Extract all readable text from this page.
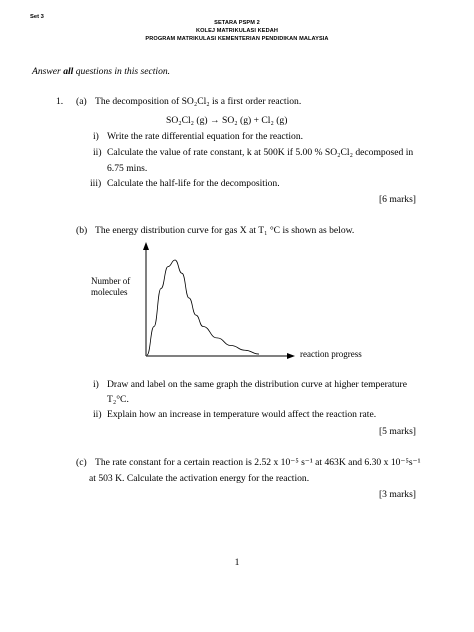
Set 3
SETARA PSPM 2
KOLEJ MATRIKULASI KEDAH
PROGRAM MATRIKULASI KEMENTERIAN PENDIDIKAN MALAYSIA
Answer all questions in this section.
1. (a) The decomposition of SO₂Cl₂ is a first order reaction.
SO₂Cl₂ (g) → SO₂ (g) + Cl₂ (g)
i) Write the rate differential equation for the reaction.
ii) Calculate the value of rate constant, k at 500K if 5.00 % SO₂Cl₂ decomposed in
6.75 mins.
iii) Calculate the half-life for the decomposition.
[6 marks]
(b) The energy distribution curve for gas X at T₁ °C is shown as below.
Number of
molecules
reaction progress
i) Draw and label on the same graph the distribution curve at higher temperature
T₂°C.
ii) Explain how an increase in temperature would affect the reaction rate.
[5 marks]
(c) The rate constant for a certain reaction is 2.52 x 10⁻⁵ s⁻¹ at 463K and 6.30 x 10⁻⁵s⁻¹
at 503 K. Calculate the activation energy for the reaction.
[3 marks]
1
